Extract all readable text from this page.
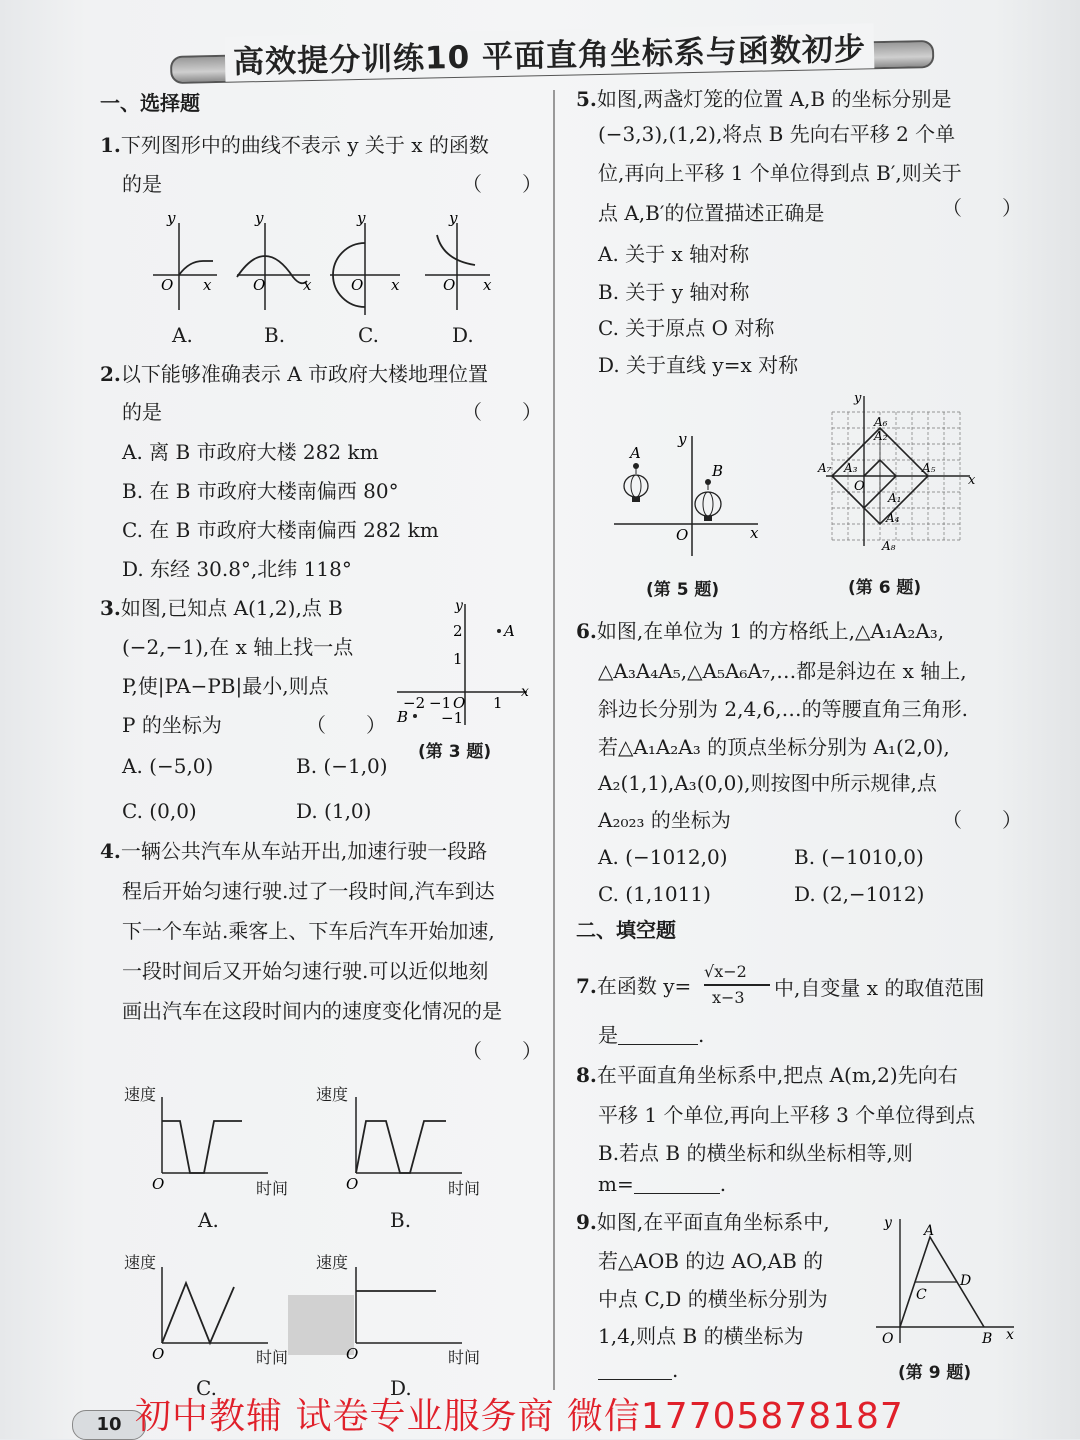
高效提分训练10 平面直角坐标系与函数初步
一、选择题
1.下列图形中的曲线不表示 y 关于 x 的函数
的是	（　　）
y
O x
y
O	x
y
O x
y
O x
A.	B.	C.	D.
2.以下能够准确表示 A 市政府大楼地理位置
的是	（　　）
A. 离 B 市政府大楼 282 km
B. 在 B 市政府大楼南偏西 80°
C. 在 B 市政府大楼南偏西 282 km
D. 东经 30.8°,北纬 118°
3.如图,已知点 A(1,2),点 B
(−2,−1),在 x 轴上找一点
P,使|PA−PB|最小,则点
P 的坐标为	（　　）
A. (−5,0)	B. (−1,0)
C. (0,0)	D. (1,0)
y
x
2
1
−2 −1 O 1
−1
A
B
(第 3 题)
4.一辆公共汽车从车站开出,加速行驶一段路
程后开始匀速行驶.过了一段时间,汽车到达
下一个车站.乘客上、下车后汽车开始加速,
一段时间后又开始匀速行驶.可以近似地刻
画出汽车在这段时间内的速度变化情况的是
（　　）
速度
时间
O
A.
速度
时间
O
B.
速度
时间
O
C.
速度
时间
O
D.
5.如图,两盏灯笼的位置 A,B 的坐标分别是
(−3,3),(1,2),将点 B 先向右平移 2 个单
位,再向上平移 1 个单位得到点 B′,则关于
点 A,B′的位置描述正确是	（　　）
A. 关于 x 轴对称
B. 关于 y 轴对称
C. 关于原点 O 对称
D. 关于直线 y=x 对称
y
x
O
A
B
(第 5 题)
y
x
O
A₆
A₂
A₇ A₃	A₅
A₁
A₄
A₈
(第 6 题)
6.如图,在单位为 1 的方格纸上,△A₁A₂A₃,
△A₃A₄A₅,△A₅A₆A₇,…都是斜边在 x 轴上,
斜边长分别为 2,4,6,…的等腰直角三角形.
若△A₁A₂A₃ 的顶点坐标分别为 A₁(2,0),
A₂(1,1),A₃(0,0),则按图中所示规律,点
A₂₀₂₃ 的坐标为	（　　）
A. (−1012,0)	B. (−1010,0)
C. (1,1011)	D. (2,−1012)
二、填空题
7.在函数 y=
√x−2
x−3 中,自变量 x 的取值范围
是	.
8.在平面直角坐标系中,把点 A(m,2)先向右
平移 1 个单位,再向上平移 3 个单位得到点
B.若点 B 的横坐标和纵坐标相等,则
m=	.
9.如图,在平面直角坐标系中,
若△AOB 的边 AO,AB 的
中点 C,D 的横坐标分别为
1,4,则点 B 的横坐标为
.
y
x
O
A
D
C
B
(第 9 题)
10 初中教辅 试卷专业服务商 微信17705878187
